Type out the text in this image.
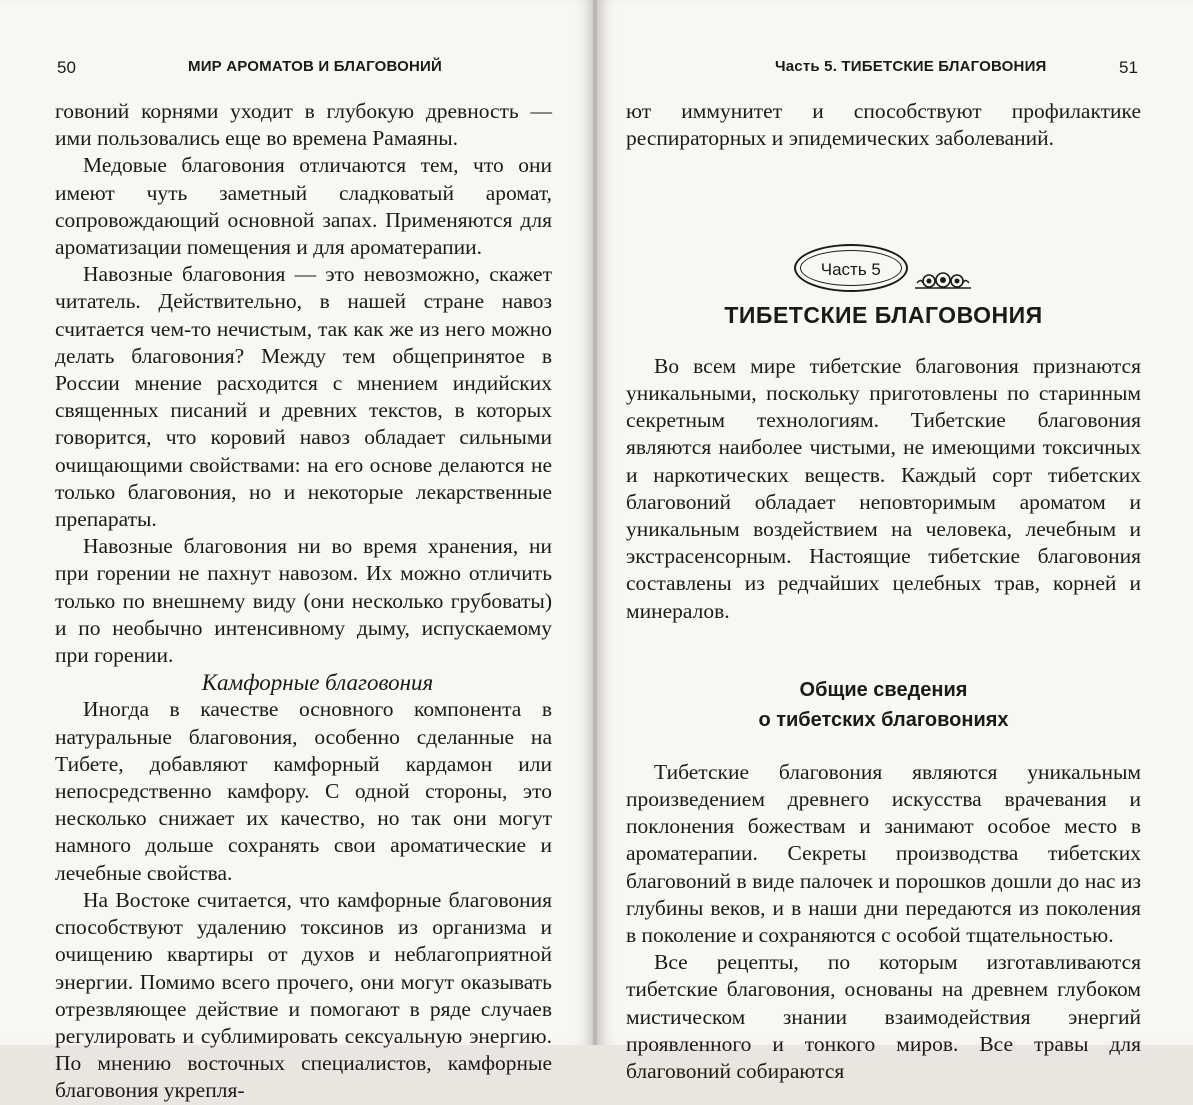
50	МИР АРОМАТОВ И БЛАГОВОНИЙ

говоний корнями уходит в глубокую древность — ими пользовались еще во времена Рамаяны.

Медовые благовония отличаются тем, что они имеют чуть заметный сладковатый аромат, сопровождающий основной запах. Применяются для ароматизации помещения и для ароматерапии.

Навозные благовония — это невозможно, скажет читатель. Действительно, в нашей стране навоз считается чем-то нечистым, так как же из него можно делать благовония? Между тем общепринятое в России мнение расходится с мнением индийских священных писаний и древних текстов, в которых говорится, что коровий навоз обладает сильными очищающими свойствами: на его основе делаются не только благовония, но и некоторые лекарственные препараты.

Навозные благовония ни во время хранения, ни при горении не пахнут навозом. Их можно отличить только по внешнему виду (они несколько грубоваты) и по необычно интенсивному дыму, испускаемому при горении.

Камфорные благовония

Иногда в качестве основного компонента в натуральные благовония, особенно сделанные на Тибете, добавляют камфорный кардамон или непосредственно камфору. С одной стороны, это несколько снижает их качество, но так они могут намного дольше сохранять свои ароматические и лечебные свойства.

На Востоке считается, что камфорные благовония способствуют удалению токсинов из организма и очищению квартиры от духов и неблагоприятной энергии. Помимо всего прочего, они могут оказывать отрезвляющее действие и помогают в ряде случаев регулировать и сублимировать сексуальную энергию. По мнению восточных специалистов, камфорные благовония укрепля-

Часть 5. ТИБЕТСКИЕ БЛАГОВОНИЯ	51

ют иммунитет и способствуют профилактике респираторных и эпидемических заболеваний.

Часть 5

ТИБЕТСКИЕ БЛАГОВОНИЯ

Во всем мире тибетские благовония признаются уникальными, поскольку приготовлены по старинным секретным технологиям. Тибетские благовония являются наиболее чистыми, не имеющими токсичных и наркотических веществ. Каждый сорт тибетских благовоний обладает неповторимым ароматом и уникальным воздействием на человека, лечебным и экстрасенсорным. Настоящие тибетские благовония составлены из редчайших целебных трав, корней и минералов.

Общие сведения
о тибетских благовониях

Тибетские благовония являются уникальным произведением древнего искусства врачевания и поклонения божествам и занимают особое место в ароматерапии. Секреты производства тибетских благовоний в виде палочек и порошков дошли до нас из глубины веков, и в наши дни передаются из поколения в поколение и сохраняются с особой тщательностью.

Все рецепты, по которым изготавливаются тибетские благовония, основаны на древнем глубоком мистическом знании взаимодействия энергий проявленного и тонкого миров. Все травы для благовоний собираются
